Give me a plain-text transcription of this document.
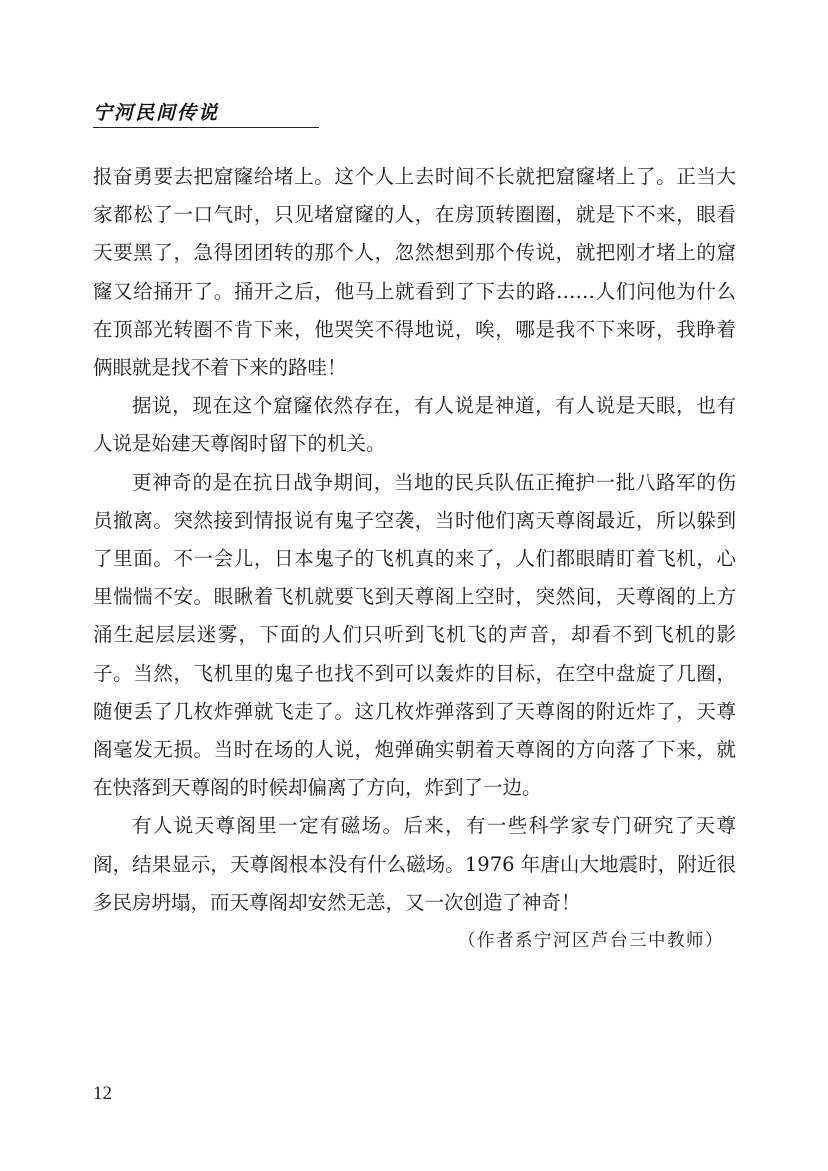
宁河民间传说

报奋勇要去把窟窿给堵上。这个人上去时间不长就把窟窿堵上了。正当大家都松了一口气时，只见堵窟窿的人，在房顶转圈圈，就是下不来，眼看天要黑了，急得团团转的那个人，忽然想到那个传说，就把刚才堵上的窟窿又给捅开了。捅开之后，他马上就看到了下去的路……人们问他为什么在顶部光转圈不肯下来，他哭笑不得地说，唉，哪是我不下来呀，我睁着俩眼就是找不着下来的路哇！

据说，现在这个窟窿依然存在，有人说是神道，有人说是天眼，也有人说是始建天尊阁时留下的机关。

更神奇的是在抗日战争期间，当地的民兵队伍正掩护一批八路军的伤员撤离。突然接到情报说有鬼子空袭，当时他们离天尊阁最近，所以躲到了里面。不一会儿，日本鬼子的飞机真的来了，人们都眼睛盯着飞机，心里惴惴不安。眼瞅着飞机就要飞到天尊阁上空时，突然间，天尊阁的上方涌生起层层迷雾，下面的人们只听到飞机飞的声音，却看不到飞机的影子。当然，飞机里的鬼子也找不到可以轰炸的目标，在空中盘旋了几圈，随便丢了几枚炸弹就飞走了。这几枚炸弹落到了天尊阁的附近炸了，天尊阁毫发无损。当时在场的人说，炮弹确实朝着天尊阁的方向落了下来，就在快落到天尊阁的时候却偏离了方向，炸到了一边。

有人说天尊阁里一定有磁场。后来，有一些科学家专门研究了天尊阁，结果显示，天尊阁根本没有什么磁场。1976 年唐山大地震时，附近很多民房坍塌，而天尊阁却安然无恙，又一次创造了神奇！

（作者系宁河区芦台三中教师）

12
